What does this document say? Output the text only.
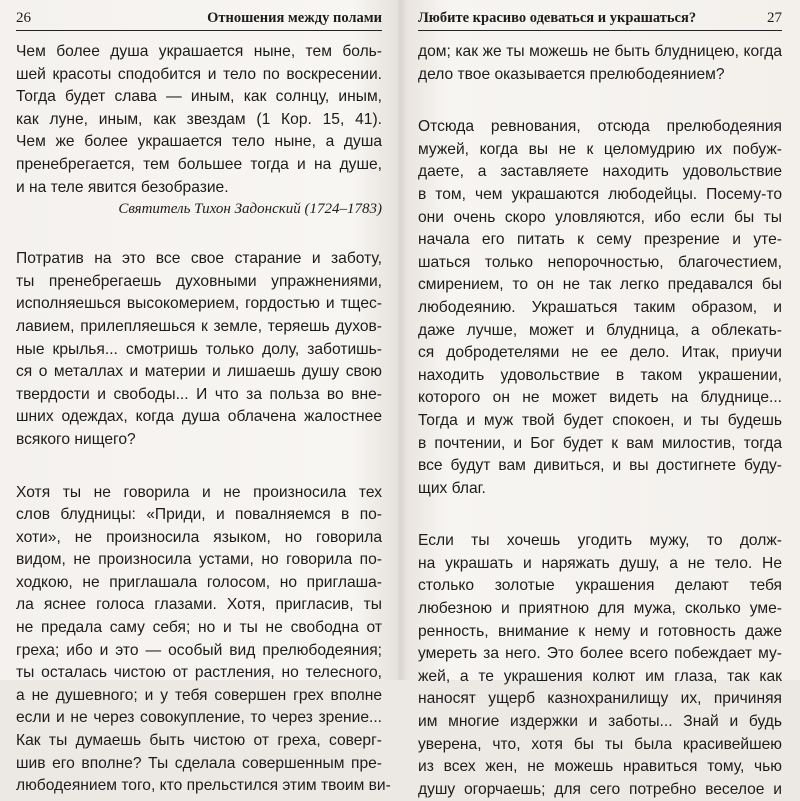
26	Отношения между полами

Чем более душа украшается ныне, тем боль-
шей красоты сподобится и тело по воскресении.
Тогда будет слава — иным, как солнцу, иным,
как луне, иным, как звездам (1 Кор. 15, 41).
Чем же более украшается тело ныне, а душа
пренебрегается, тем большее тогда и на душе,
и на теле явится безобразие.

Святитель Тихон Задонский (1724–1783)

Потратив на это все свое старание и заботу,
ты пренебрегаешь духовными упражнениями,
исполняешься высокомерием, гордостью и тщес-
лавием, прилепляешься к земле, теряешь духов-
ные крылья... смотришь только долу, заботишь-
ся о металлах и материи и лишаешь душу свою
твердости и свободы... И что за польза во вне-
шних одеждах, когда душа облачена жалостнее
всякого нищего?

Хотя ты не говорила и не произносила тех
слов блудницы: «Приди, и повалняемся в по-
хоти», не произносила языком, но говорила
видом, не произносила устами, но говорила по-
ходкою, не приглашала голосом, но приглаша-
ла яснее голоса глазами. Хотя, пригласив, ты
не предала саму себя; но и ты не свободна от
греха; ибо и это — особый вид прелюбодеяния;
ты осталась чистою от растления, но телесного,
а не душевного; и у тебя совершен грех вполне
если и не через совокупление, то через зрение...
Как ты думаешь быть чистою от греха, соверг-
шив его вполне? Ты сделала совершенным пре-
любодеянием того, кто прельстился этим твоим ви-

Любите красиво одеваться и украшаться?	27

дом; как же ты можешь не быть блудницею, когда
дело твое оказывается прелюбодеянием?

Отсюда ревнования, отсюда прелюбодеяния
мужей, когда вы не к целомудрию их побуж-
даете, а заставляете находить удовольствие
в том, чем украшаются любодейцы. Посему-то
они очень скоро уловляются, ибо если бы ты
начала его питать к сему презрение и уте-
шаться только непорочностью, благочестием,
смирением, то он не так легко предавался бы
любодеянию. Украшаться таким образом, и
даже лучше, может и блудница, а облекать-
ся добродетелями не ее дело. Итак, приучи
находить удовольствие в таком украшении,
которого он не может видеть на блуднице...
Тогда и муж твой будет спокоен, и ты будешь
в почтении, и Бог будет к вам милостив, тогда
все будут вам дивиться, и вы достигнете буду-
щих благ.

Если ты хочешь угодить мужу, то долж-
на украшать и наряжать душу, а не тело. Не
столько золотые украшения делают тебя
любезною и приятною для мужа, сколько уме-
ренность, внимание к нему и готовность даже
умереть за него. Это более всего побеждает му-
жей, а те украшения колют им глаза, так как
наносят ущерб казнохранилищу их, причиняя
им многие издержки и заботы... Знай и будь
уверена, что, хотя бы ты была красивейшею
из всех жен, не можешь нравиться тому, чью
душу огорчаешь; для сего потребно веселое и
